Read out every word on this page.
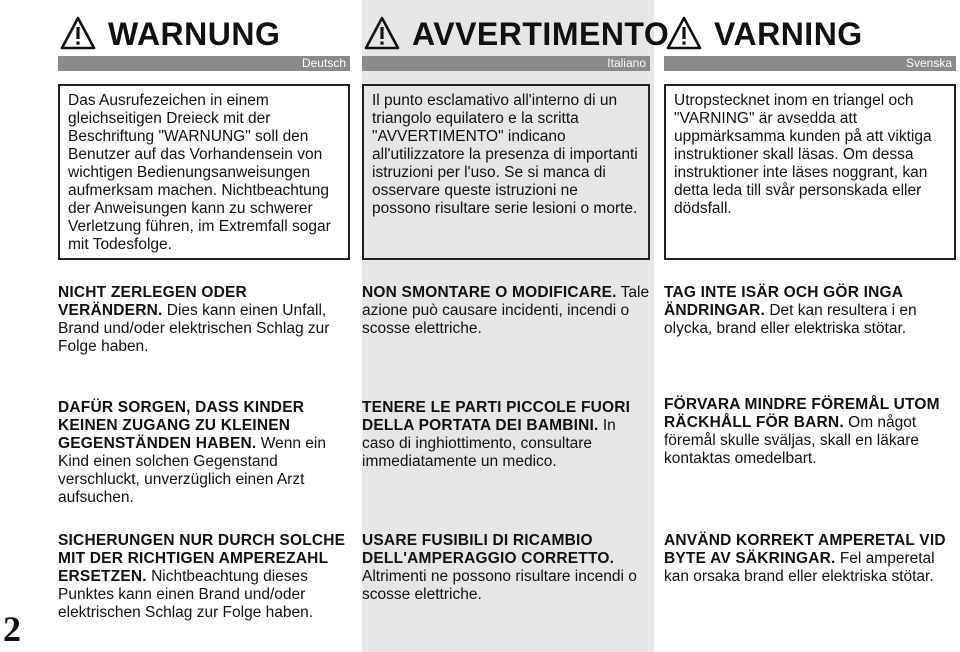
WARNUNG
Deutsch
Das Ausrufezeichen in einem gleichseitigen Dreieck mit der Beschriftung "WARNUNG" soll den Benutzer auf das Vorhandensein von wichtigen Bedienungsanweisungen aufmerksam machen. Nichtbeachtung der Anweisungen kann zu schwerer Verletzung führen, im Extremfall sogar mit Todesfolge.
NICHT ZERLEGEN ODER VERÄNDERN. Dies kann einen Unfall, Brand und/oder elektrischen Schlag zur Folge haben.
DAFÜR SORGEN, DASS KINDER KEINEN ZUGANG ZU KLEINEN GEGENSTÄNDEN HABEN. Wenn ein Kind einen solchen Gegenstand verschluckt, unverzüglich einen Arzt aufsuchen.
SICHERUNGEN NUR DURCH SOLCHE MIT DER RICHTIGEN AMPEREZAHL ERSETZEN. Nichtbeachtung dieses Punktes kann einen Brand und/oder elektrischen Schlag zur Folge haben.
AVVERTIMENTO
Italiano
Il punto esclamativo all'interno di un triangolo equilatero e la scritta "AVVERTIMENTO" indicano all'utilizzatore la presenza di importanti istruzioni per l'uso. Se si manca di osservare queste istruzioni ne possono risultare serie lesioni o morte.
NON SMONTARE O MODIFICARE. Tale azione può causare incidenti, incendi o scosse elettriche.
TENERE LE PARTI PICCOLE FUORI DELLA PORTATA DEI BAMBINI. In caso di inghiottimento, consultare immediatamente un medico.
USARE FUSIBILI DI RICAMBIO DELL'AMPERAGGIO CORRETTO. Altrimenti ne possono risultare incendi o scosse elettriche.
VARNING
Svenska
Utropstecknet inom en triangel och "VARNING" är avsedda att uppmärksamma kunden på att viktiga instruktioner skall läsas. Om dessa instruktioner inte läses noggrant, kan detta leda till svår personskada eller dödsfall.
TAG INTE ISÄR OCH GÖR INGA ÄNDRINGAR. Det kan resultera i en olycka, brand eller elektriska stötar.
FÖRVARA MINDRE FÖREMÅL UTOM RÄCKHÅLL FÖR BARN. Om något föremål skulle sväljas, skall en läkare kontaktas omedelbart.
ANVÄND KORREKT AMPERETAL VID BYTE AV SÄKRINGAR. Fel amperetal kan orsaka brand eller elektriska stötar.
2
